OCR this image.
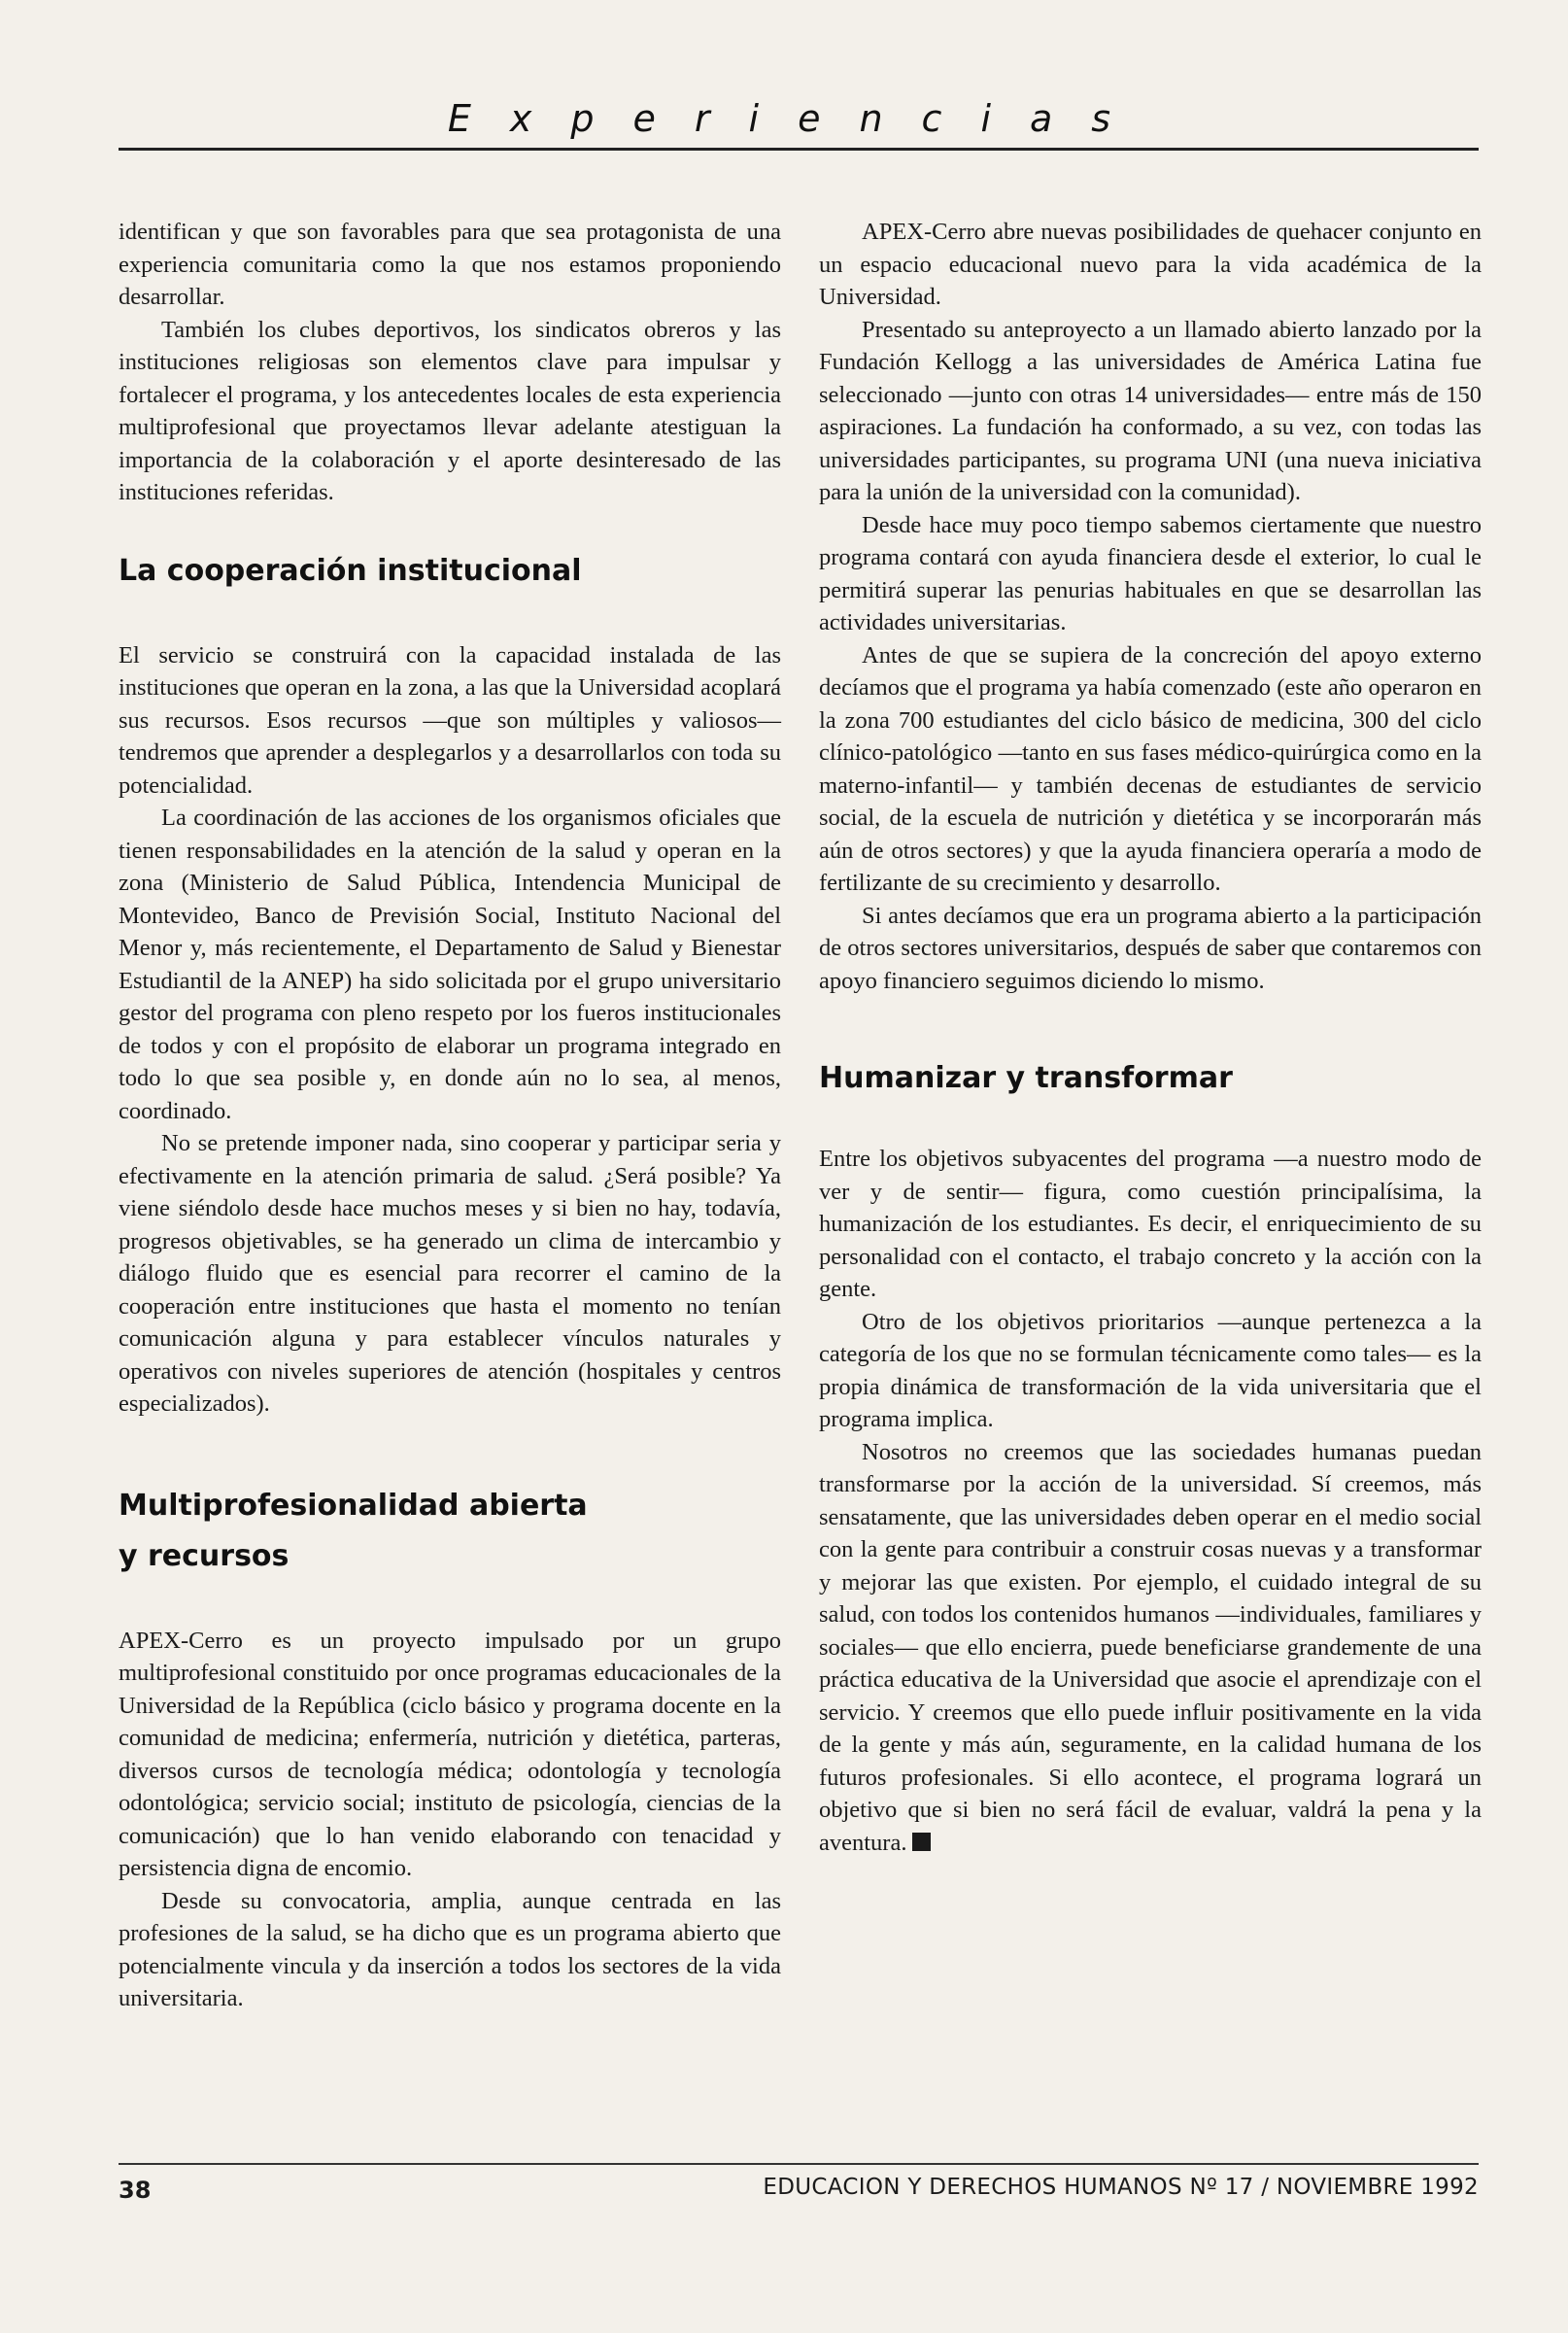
Experiencias

identifican y que son favorables para que sea protagonista de una experiencia comunitaria como la que nos estamos proponiendo desarrollar.

También los clubes deportivos, los sindicatos obreros y las instituciones religiosas son elementos clave para impulsar y fortalecer el programa, y los antecedentes locales de esta experiencia multiprofesional que proyectamos llevar adelante atestiguan la importancia de la colaboración y el aporte desinteresado de las instituciones referidas.

La cooperación institucional

El servicio se construirá con la capacidad instalada de las instituciones que operan en la zona, a las que la Universidad acoplará sus recursos. Esos recursos —que son múltiples y valiosos— tendremos que aprender a desplegarlos y a desarrollarlos con toda su potencialidad.

La coordinación de las acciones de los organismos oficiales que tienen responsabilidades en la atención de la salud y operan en la zona (Ministerio de Salud Pública, Intendencia Municipal de Montevideo, Banco de Previsión Social, Instituto Nacional del Menor y, más recientemente, el Departamento de Salud y Bienestar Estudiantil de la ANEP) ha sido solicitada por el grupo universitario gestor del programa con pleno respeto por los fueros institucionales de todos y con el propósito de elaborar un programa integrado en todo lo que sea posible y, en donde aún no lo sea, al menos, coordinado.

No se pretende imponer nada, sino cooperar y participar seria y efectivamente en la atención primaria de salud. ¿Será posible? Ya viene siéndolo desde hace muchos meses y si bien no hay, todavía, progresos objetivables, se ha generado un clima de intercambio y diálogo fluido que es esencial para recorrer el camino de la cooperación entre instituciones que hasta el momento no tenían comunicación alguna y para establecer vínculos naturales y operativos con niveles superiores de atención (hospitales y centros especializados).

Multiprofesionalidad abierta
y recursos

APEX-Cerro es un proyecto impulsado por un grupo multiprofesional constituido por once programas educacionales de la Universidad de la República (ciclo básico y programa docente en la comunidad de medicina; enfermería, nutrición y dietética, parteras, diversos cursos de tecnología médica; odontología y tecnología odontológica; servicio social; instituto de psicología, ciencias de la comunicación) que lo han venido elaborando con tenacidad y persistencia digna de encomio.

Desde su convocatoria, amplia, aunque centrada en las profesiones de la salud, se ha dicho que es un programa abierto que potencialmente vincula y da inserción a todos los sectores de la vida universitaria.

APEX-Cerro abre nuevas posibilidades de quehacer conjunto en un espacio educacional nuevo para la vida académica de la Universidad.

Presentado su anteproyecto a un llamado abierto lanzado por la Fundación Kellogg a las universidades de América Latina fue seleccionado —junto con otras 14 universidades— entre más de 150 aspiraciones. La fundación ha conformado, a su vez, con todas las universidades participantes, su programa UNI (una nueva iniciativa para la unión de la universidad con la comunidad).

Desde hace muy poco tiempo sabemos ciertamente que nuestro programa contará con ayuda financiera desde el exterior, lo cual le permitirá superar las penurias habituales en que se desarrollan las actividades universitarias.

Antes de que se supiera de la concreción del apoyo externo decíamos que el programa ya había comenzado (este año operaron en la zona 700 estudiantes del ciclo básico de medicina, 300 del ciclo clínico-patológico —tanto en sus fases médico-quirúrgica como en la materno-infantil— y también decenas de estudiantes de servicio social, de la escuela de nutrición y dietética y se incorporarán más aún de otros sectores) y que la ayuda financiera operaría a modo de fertilizante de su crecimiento y desarrollo.

Si antes decíamos que era un programa abierto a la participación de otros sectores universitarios, después de saber que contaremos con apoyo financiero seguimos diciendo lo mismo.

Humanizar y transformar

Entre los objetivos subyacentes del programa —a nuestro modo de ver y de sentir— figura, como cuestión principalísima, la humanización de los estudiantes. Es decir, el enriquecimiento de su personalidad con el contacto, el trabajo concreto y la acción con la gente.

Otro de los objetivos prioritarios —aunque pertenezca a la categoría de los que no se formulan técnicamente como tales— es la propia dinámica de transformación de la vida universitaria que el programa implica.

Nosotros no creemos que las sociedades humanas puedan transformarse por la acción de la universidad. Sí creemos, más sensatamente, que las universidades deben operar en el medio social con la gente para contribuir a construir cosas nuevas y a transformar y mejorar las que existen. Por ejemplo, el cuidado integral de su salud, con todos los contenidos humanos —individuales, familiares y sociales— que ello encierra, puede beneficiarse grandemente de una práctica educativa de la Universidad que asocie el aprendizaje con el servicio. Y creemos que ello puede influir positivamente en la vida de la gente y más aún, seguramente, en la calidad humana de los futuros profesionales. Si ello acontece, el programa logrará un objetivo que si bien no será fácil de evaluar, valdrá la pena y la aventura.

38	EDUCACION Y DERECHOS HUMANOS Nº 17 / NOVIEMBRE 1992
